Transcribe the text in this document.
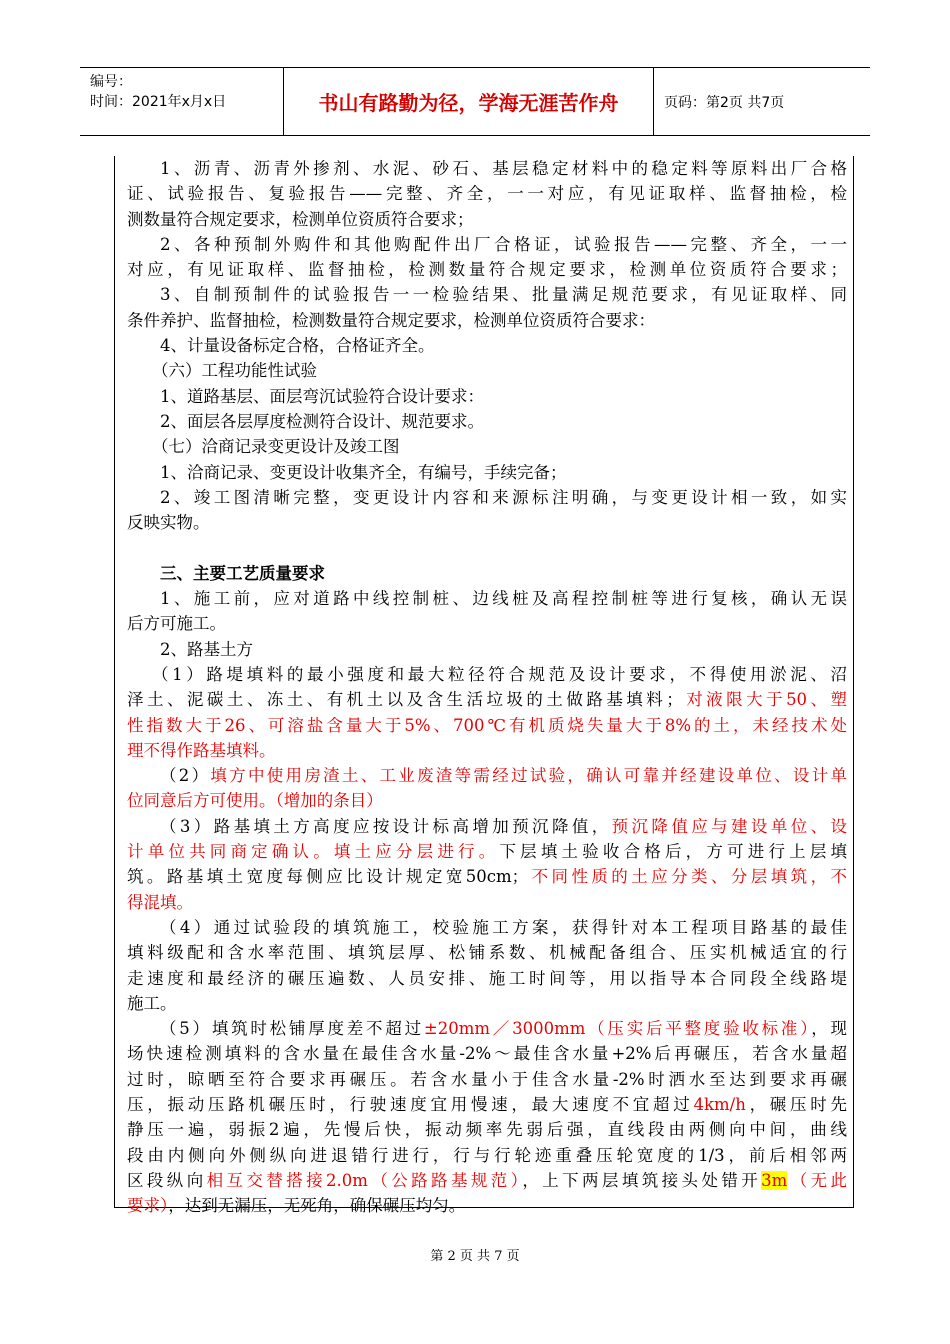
编号：
时间：2021年x月x日	书山有路勤为径，学海无涯苦作舟	页码：第2页 共7页
1、沥青、沥青外掺剂、水泥、砂石、基层稳定材料中的稳定料等原料出厂合格
证、试验报告、复验报告——完整、齐全，一一对应，有见证取样、监督抽检，检
测数量符合规定要求，检测单位资质符合要求；
2、各种预制外购件和其他购配件出厂合格证，试验报告——完整、齐全，一一
对应，有见证取样、监督抽检，检测数量符合规定要求，检测单位资质符合要求；
3、自制预制件的试验报告一一检验结果、批量满足规范要求，有见证取样、同
条件养护、监督抽检，检测数量符合规定要求，检测单位资质符合要求：
4、计量设备标定合格，合格证齐全。
（六）工程功能性试验
1、道路基层、面层弯沉试验符合设计要求：
2、面层各层厚度检测符合设计、规范要求。
（七）洽商记录变更设计及竣工图
1、洽商记录、变更设计收集齐全，有编号，手续完备；
2、竣工图清晰完整，变更设计内容和来源标注明确，与变更设计相一致，如实
反映实物。
三、主要工艺质量要求
1、施工前，应对道路中线控制桩、边线桩及高程控制桩等进行复核，确认无误
后方可施工。
2、路基土方
（1）路堤填料的最小强度和最大粒径符合规范及设计要求，不得使用淤泥、沼
泽土、泥碳土、冻土、有机土以及含生活垃圾的土做路基填料；对液限大于50、塑
性指数大于26、可溶盐含量大于5%、700℃有机质烧失量大于8%的土，未经技术处
理不得作路基填料。
（2）填方中使用房渣土、工业废渣等需经过试验，确认可靠并经建设单位、设计单
位同意后方可使用。（增加的条目）
（3）路基填土方高度应按设计标高增加预沉降值，预沉降值应与建设单位、设
计单位共同商定确认。填土应分层进行。下层填土验收合格后，方可进行上层填
筑。路基填土宽度每侧应比设计规定宽50cm；不同性质的土应分类、分层填筑，不
得混填。
（4）通过试验段的填筑施工，校验施工方案，获得针对本工程项目路基的最佳
填料级配和含水率范围、填筑层厚、松铺系数、机械配备组合、压实机械适宜的行
走速度和最经济的碾压遍数、人员安排、施工时间等，用以指导本合同段全线路堤
施工。
（5）填筑时松铺厚度差不超过±20mm／3000mm（压实后平整度验收标准），现
场快速检测填料的含水量在最佳含水量-2%～最佳含水量+2%后再碾压，若含水量超
过时，晾晒至符合要求再碾压。若含水量小于佳含水量-2%时洒水至达到要求再碾
压，振动压路机碾压时，行驶速度宜用慢速，最大速度不宜超过4km/h，碾压时先
静压一遍，弱振2遍，先慢后快，振动频率先弱后强，直线段由两侧向中间，曲线
段由内侧向外侧纵向进退错行进行，行与行轮迹重叠压轮宽度的1/3，前后相邻两
区段纵向相互交替搭接2.0m（公路路基规范），上下两层填筑接头处错开3m（无此
要求），达到无漏压，无死角，确保碾压均匀。
第 2 页 共 7 页
